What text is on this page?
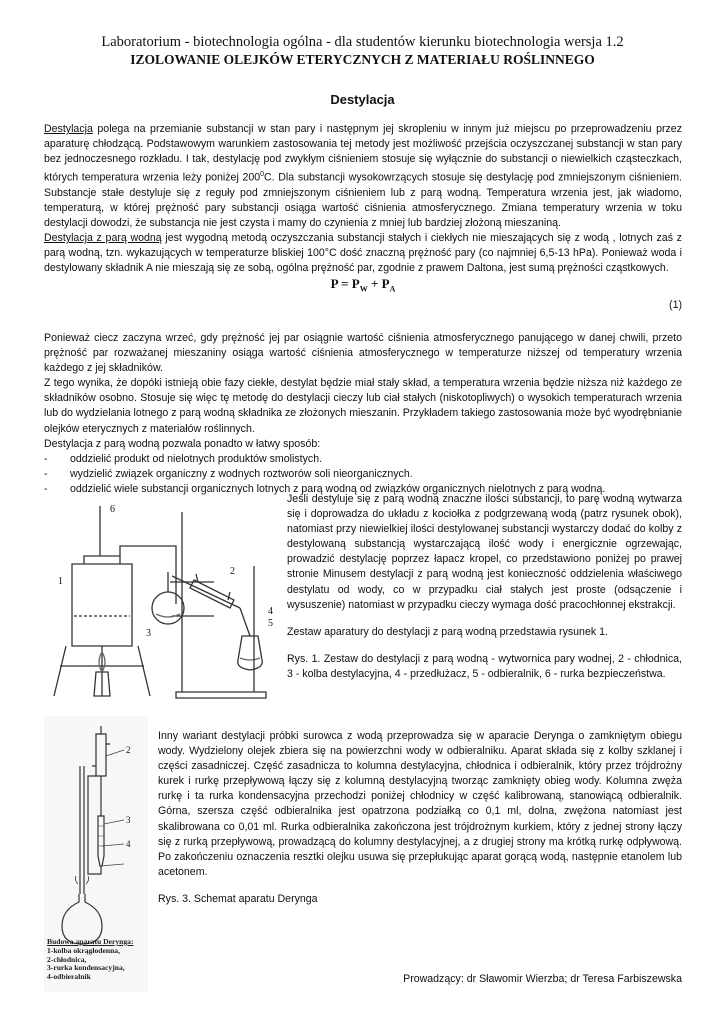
Laboratorium - biotechnologia ogólna - dla studentów kierunku biotechnologia wersja 1.2
IZOLOWANIE OLEJKÓW ETERYCZNYCH Z MATERIAŁU ROŚLINNEGO
Destylacja
Destylacja polega na przemianie substancji w stan pary i następnym jej skropleniu w innym już miejscu po przeprowadzeniu przez aparaturę chłodzącą. Podstawowym warunkiem zastosowania tej metody jest możliwość przejścia oczyszczanej substancji w stan pary bez jednoczesnego rozkładu. I tak, destylację pod zwykłym ciśnieniem stosuje się wyłącznie do substancji o niewielkich cząsteczkach, których temperatura wrzenia leży poniżej $200^0C$. Dla substancji wysokowrzących stosuje się destylację pod zmniejszonym ciśnieniem. Substancje stałe destyluje się z reguły pod zmniejszonym ciśnieniem lub z parą wodną. Temperatura wrzenia jest, jak wiadomo, temperaturą, w której prężność pary substancji osiąga wartość ciśnienia atmosferycznego. Zmiana temperatury wrzenia w toku destylacji dowodzi, że substancja nie jest czysta i mamy do czynienia z mniej lub bardziej złożoną mieszaniną.
Destylacja z parą wodną jest wygodną metodą oczyszczania substancji stałych i ciekłych nie mieszających się z wodą , lotnych zaś z parą wodną, tzn. wykazujących w temperaturze bliskiej 100°C dość znaczną prężność pary (co najmniej 6,5-13 hPa). Ponieważ woda i destylowany składnik A nie mieszają się ze sobą, ogólna prężność par, zgodnie z prawem Daltona, jest sumą prężności cząstkowych.
$P = P_W + P_A$
(1)
Ponieważ ciecz zaczyna wrzeć, gdy prężność jej par osiągnie wartość ciśnienia atmosferycznego panującego w danej chwili, przeto prężność par rozważanej mieszaniny osiąga wartość ciśnienia atmosferycznego w temperaturze niższej od temperatury wrzenia każdego z jej składników.
Z tego wynika, że dopóki istnieją obie fazy ciekłe, destylat będzie miał stały skład, a temperatura wrzenia będzie niższa niż każdego ze składników osobno. Stosuje się więc tę metodę do destylacji cieczy lub ciał stałych (niskotopliwych) o wysokich temperaturach wrzenia lub do wydzielania lotnego z parą wodną składnika ze złożonych mieszanin. Przykładem takiego zastosowania może być wyodrębnianie olejków eterycznych z materiałów roślinnych.
Destylacja z parą wodną pozwala ponadto w łatwy sposób:
- oddzielić produkt od nielotnych produktów smolistych.
- wydzielić związek organiczny z wodnych roztworów soli nieorganicznych.
- oddzielić wiele substancji organicznych lotnych z parą wodną od związków organicznych nielotnych z parą wodną.
1
2
3
4
5
6

Jeśli destyluje się z parą wodną znaczne ilości substancji, to parę wodną wytwarza się i doprowadza do układu z kociołka z podgrzewaną wodą (patrz rysunek obok), natomiast przy niewielkiej ilości destylowanej substancji wystarczy dodać do kolby z destylowaną substancją wystarczającą ilość wody i energicznie ogrzewając, prowadzić destylację poprzez łapacz kropel, co przedstawiono poniżej po prawej stronie Minusem destylacji z parą wodną jest konieczność oddzielenia właściwego destylatu od wody, co w przypadku ciał stałych jest proste (odsączenie i wysuszenie) natomiast w przypadku cieczy wymaga dość pracochłonnej ekstrakcji.

Zestaw aparatury do destylacji z parą wodną przedstawia rysunek 1.

Rys. 1. Zestaw do destylacji z parą wodną - wytwornica pary wodnej, 2 - chłodnica, 3 - kolba destylacyjna, 4 - przedłużacz, 5 - odbieralnik, 6 - rurka bezpieczeństwa.

2
3
4
Budowa aparatu Derynga:
1-kolba okrągłodenna,
2-chłodnica,
3-rurka kondensacyjna,
4-odbieralnik

Inny wariant destylacji próbki surowca z wodą przeprowadza się w aparacie Derynga o zamkniętym obiegu wody. Wydzielony olejek zbiera się na powierzchni wody w odbieralniku. Aparat składa się z kolby szklanej i części zasadniczej. Część zasadnicza to kolumna destylacyjna, chłodnica i odbieralnik, który przez trójdrożny kurek i rurkę przepływową łączy się z kolumną destylacyjną tworząc zamknięty obieg wody. Kolumna zwęża rurkę i ta rurka kondensacyjna przechodzi poniżej chłodnicy w część kalibrowaną, stanowiącą odbieralnik. Górna, szersza część odbieralnika jest opatrzona podziałką co 0,1 ml, dolna, zwężona natomiast jest skalibrowana co 0,01 ml. Rurka odbieralnika zakończona jest trójdrożnym kurkiem, który z jednej strony łączy się z rurką przepływową, prowadzącą do kolumny destylacyjnej, a z drugiej strony ma krótką rurkę odpływową. Po zakończeniu oznaczenia resztki olejku usuwa się przepłukując aparat gorącą wodą, następnie etanolem lub acetonem.

Rys. 3. Schemat aparatu Derynga

Prowadzący: dr Sławomir Wierzba; dr Teresa Farbiszewska
